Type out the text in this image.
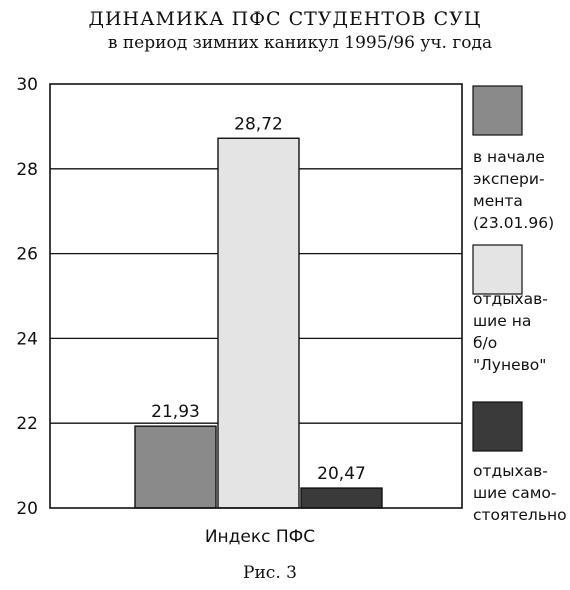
ДИНАМИКА ПФС СТУДЕНТОВ СУЦ
в период зимних каникул 1995/96 уч. года
21,93
28,72
20,47
20
22
24
26
28
30
в начале
экспери-
мента
(23.01.96)
отдыхав-
шие на
б/о
"Лунево"
отдыхав-
шие само-
стоятельно
Индекс ПФС
Рис. 3
